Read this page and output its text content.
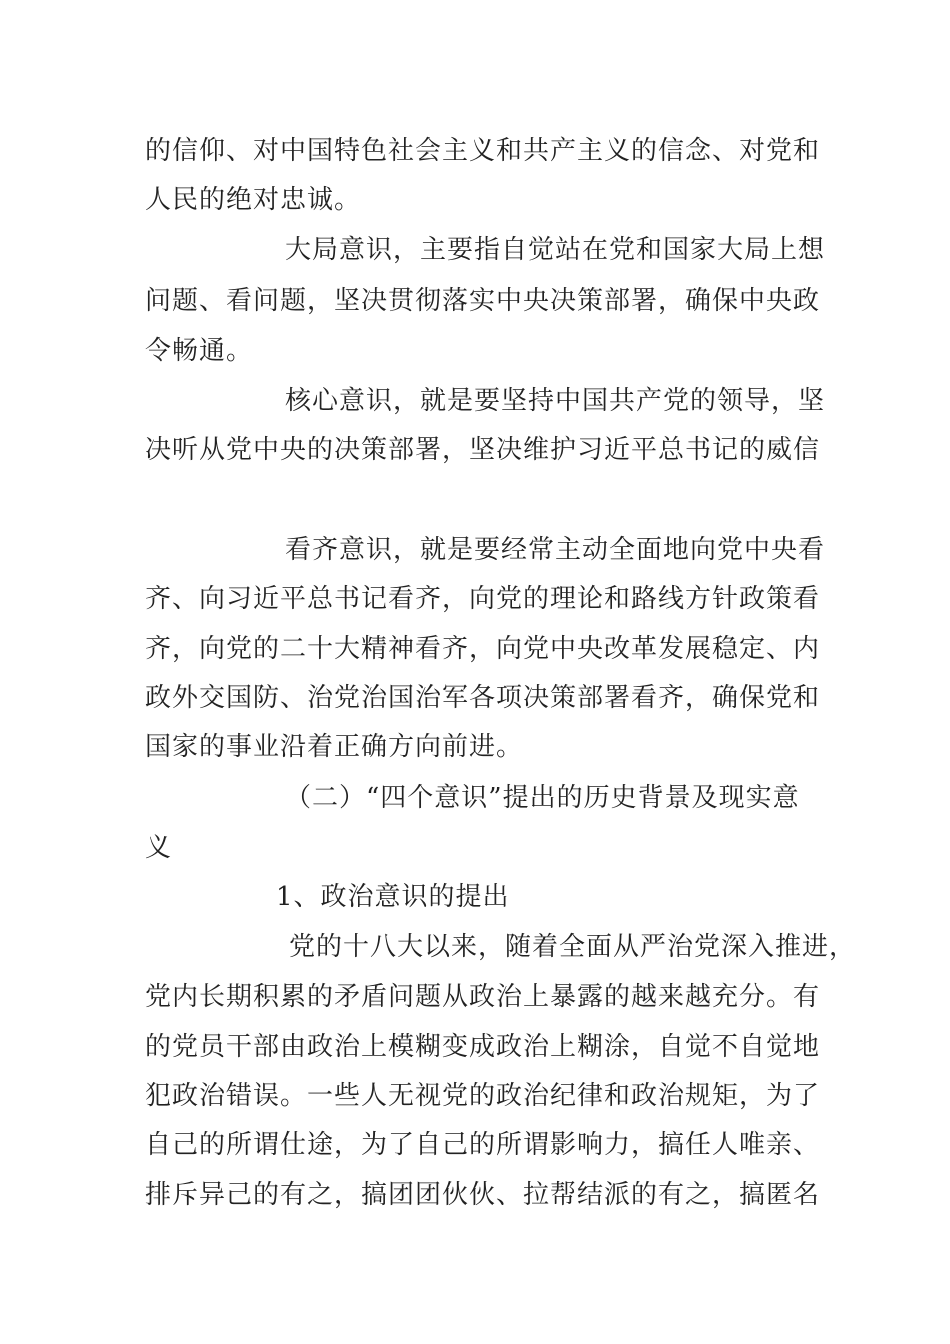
的信仰、对中国特色社会主义和共产主义的信念、对党和
人民的绝对忠诚。
大局意识，主要指自觉站在党和国家大局上想
问题、看问题，坚决贯彻落实中央决策部署，确保中央政
令畅通。
核心意识，就是要坚持中国共产党的领导，坚
决听从党中央的决策部署，坚决维护习近平总书记的威信
看齐意识，就是要经常主动全面地向党中央看
齐、向习近平总书记看齐，向党的理论和路线方针政策看
齐，向党的二十大精神看齐，向党中央改革发展稳定、内
政外交国防、治党治国治军各项决策部署看齐，确保党和
国家的事业沿着正确方向前进。
（二）“四个意识”提出的历史背景及现实意
义
1、政治意识的提出
党的十八大以来，随着全面从严治党深入推进，
党内长期积累的矛盾问题从政治上暴露的越来越充分。有
的党员干部由政治上模糊变成政治上糊涂，自觉不自觉地
犯政治错误。一些人无视党的政治纪律和政治规矩，为了
自己的所谓仕途，为了自己的所谓影响力，搞任人唯亲、
排斥异己的有之，搞团团伙伙、拉帮结派的有之，搞匿名
